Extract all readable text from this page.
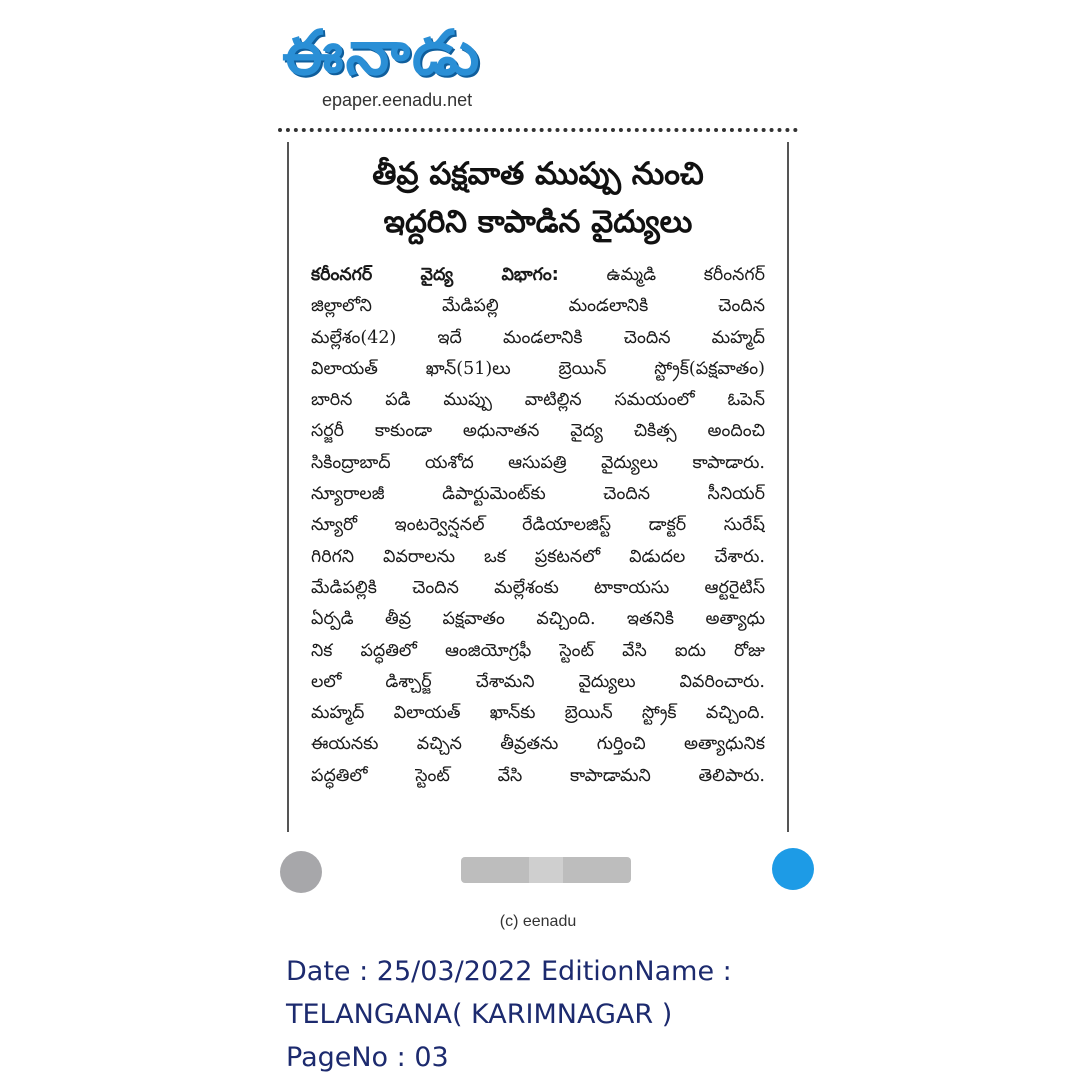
ఈనాడు
epaper.eenadu.net
తీవ్ర పక్షవాత ముప్పు నుంచి
ఇద్దరిని కాపాడిన వైద్యులు
కరీంనగర్ వైద్య విభాగం: ఉమ్మడి కరీంనగర్
జిల్లాలోని మేడిపల్లి మండలానికి చెందిన
మల్లేశం(42) ఇదే మండలానికి చెందిన మహ్మద్
విలాయత్ ఖాన్(51)లు బ్రెయిన్ స్ట్రోక్(పక్షవాతం)
బారిన పడి ముప్పు వాటిల్లిన సమయంలో ఓపెన్
సర్జరీ కాకుండా అధునాతన వైద్య చికిత్స అందించి
సికింద్రాబాద్ యశోద ఆసుపత్రి వైద్యులు కాపాడారు.
న్యూరాలజీ డిపార్టుమెంట్‌కు చెందిన సీనియర్
న్యూరో ఇంటర్వెన్షనల్ రేడియాలజిస్ట్ డాక్టర్ సురేష్
గిరిగని వివరాలను ఒక ప్రకటనలో విడుదల చేశారు.
మేడిపల్లికి చెందిన మల్లేశంకు టాకాయసు ఆర్టరైటిస్
ఏర్పడి తీవ్ర పక్షవాతం వచ్చింది. ఇతనికి అత్యాధు
నిక పద్ధతిలో ఆంజియోగ్రఫీ స్టెంట్ వేసి ఐదు రోజు
లలో డిశ్చార్జ్ చేశామని వైద్యులు వివరించారు.
మహ్మద్ విలాయత్ ఖాన్‌కు బ్రెయిన్ స్ట్రోక్ వచ్చింది.
ఈయనకు వచ్చిన తీవ్రతను గుర్తించి అత్యాధునిక
పద్ధతిలో స్టెంట్ వేసి కాపాడామని తెలిపారు.
(c) eenadu
Date : 25/03/2022 EditionName :
TELANGANA( KARIMNAGAR )
PageNo : 03
